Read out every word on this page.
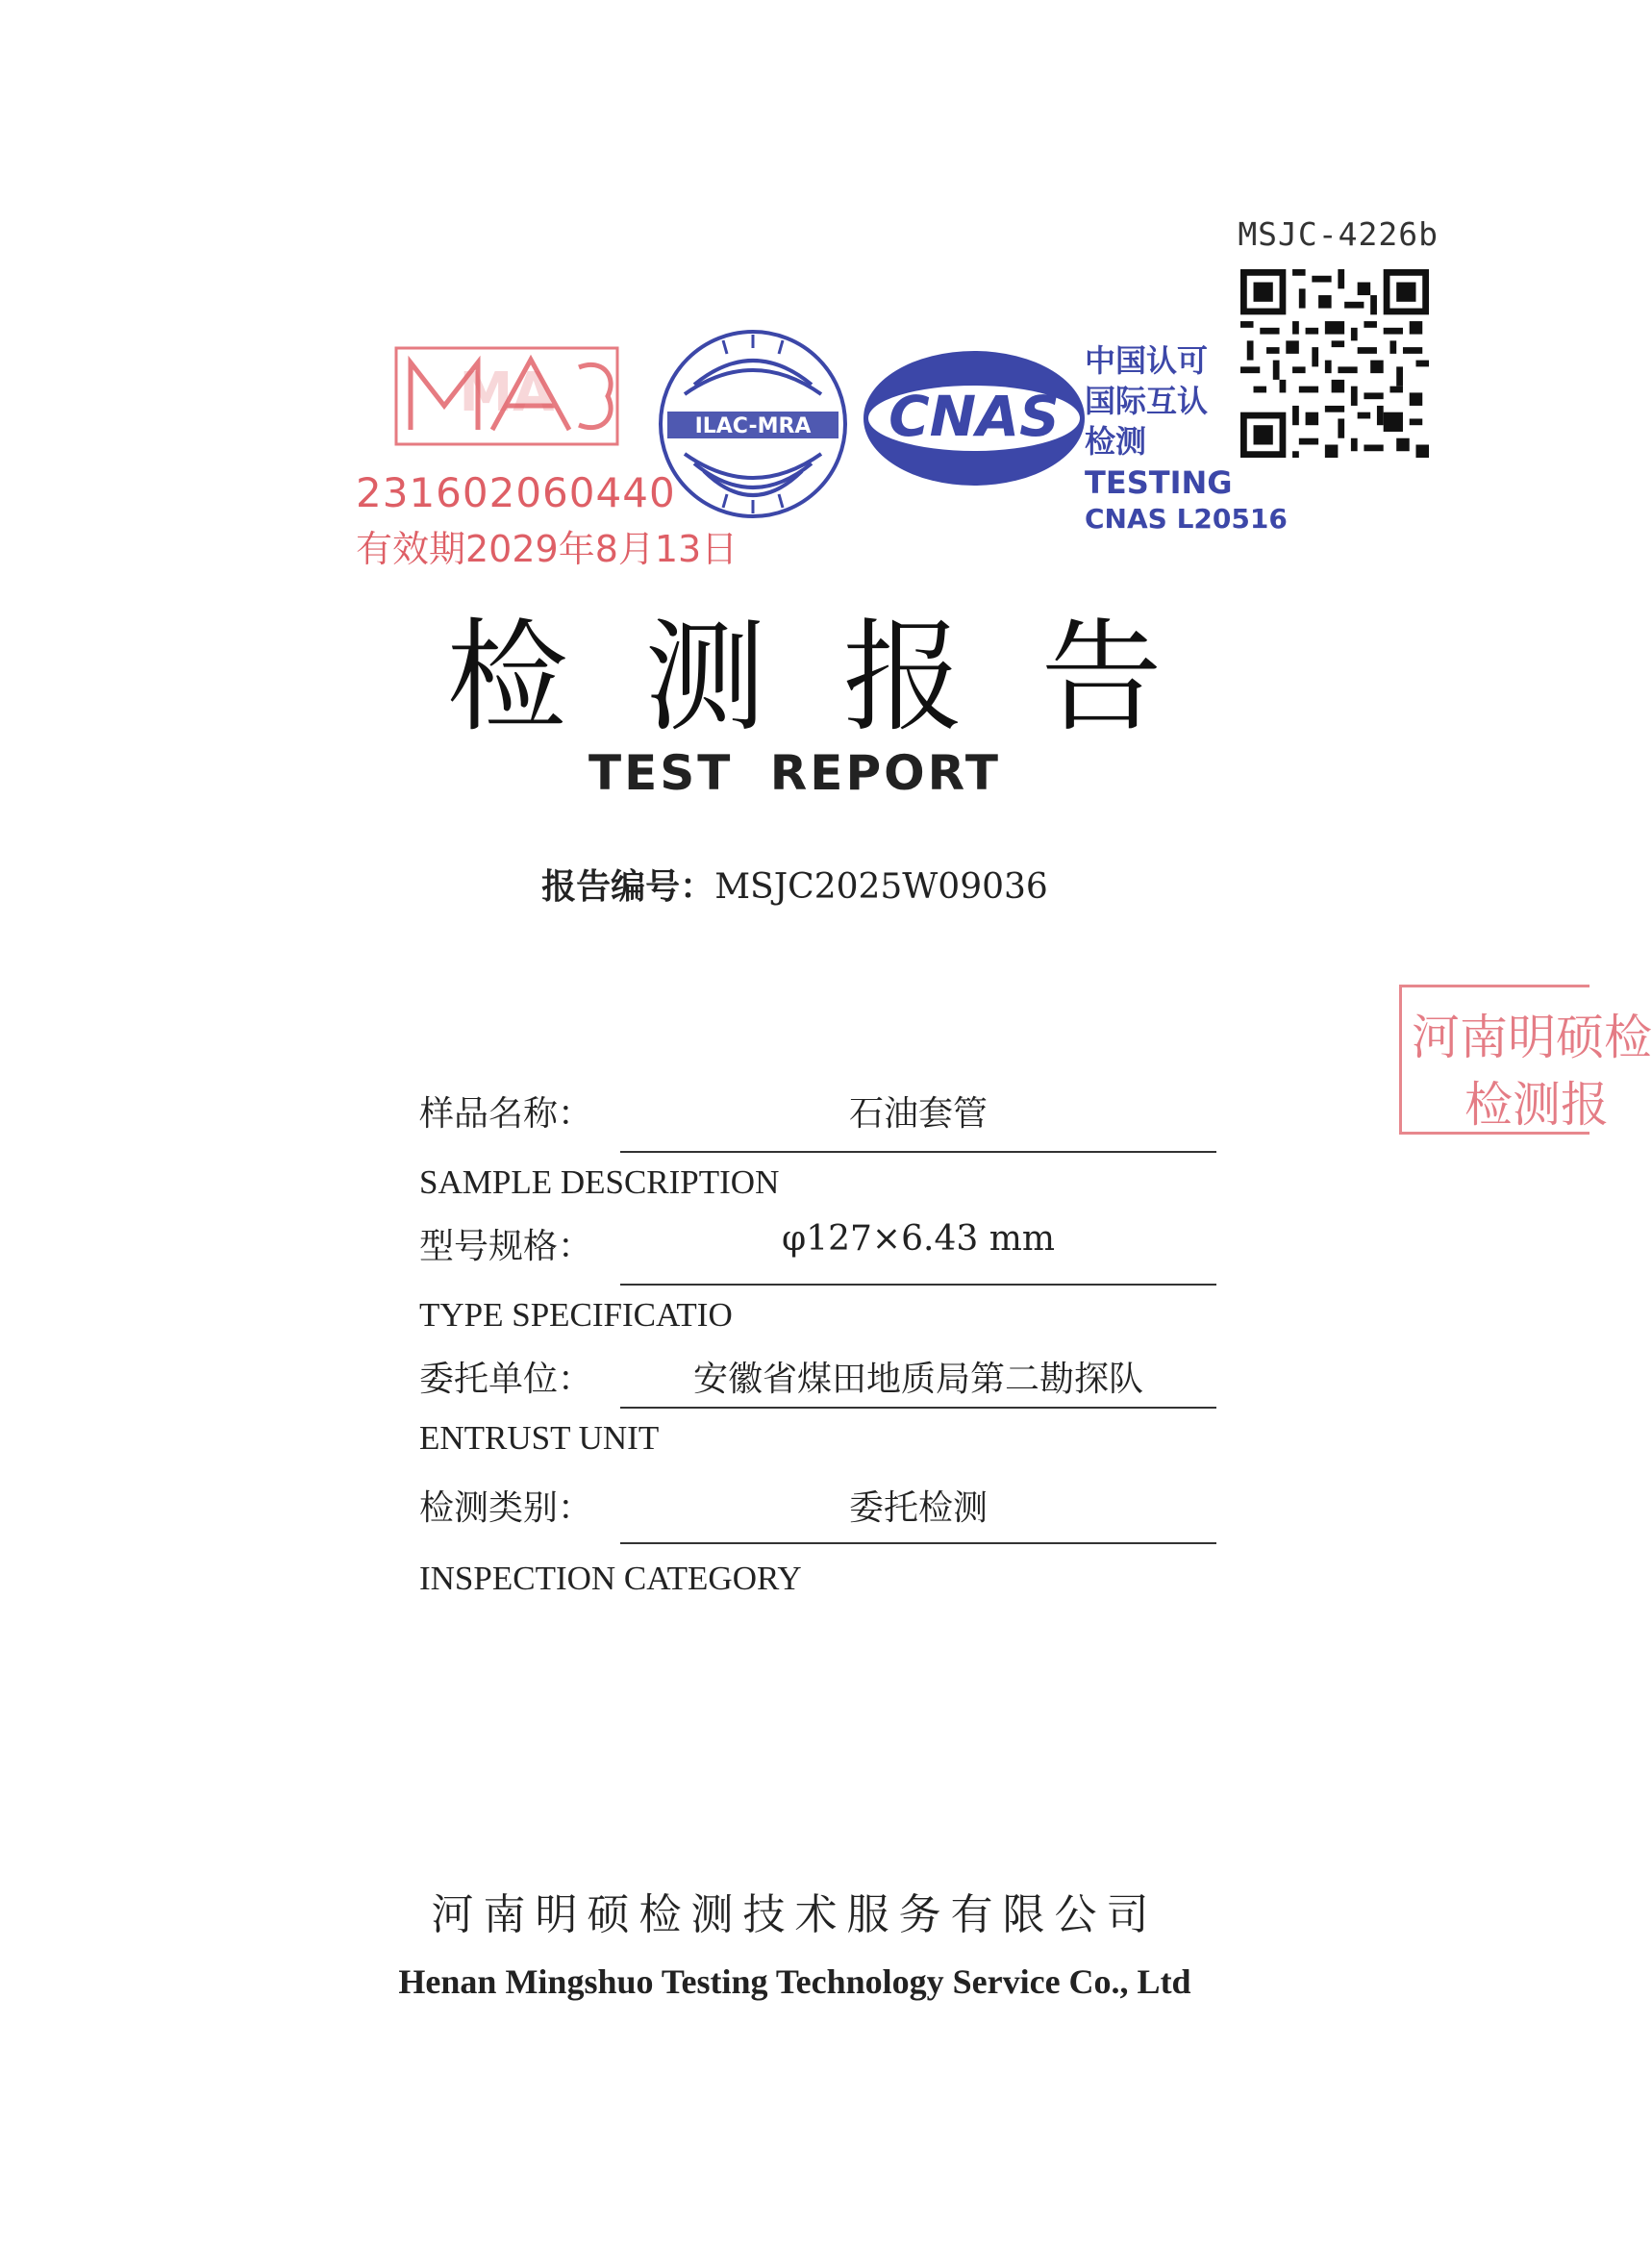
MSJC-4226b
MA
231602060440
有效期2029年8月13日
ILAC-MRA CNAS
中国认可
国际互认
检测
TESTING
CNAS L20516
检测报告
TEST REPORT
报告编号：MSJC2025W09036
河南明硕检
检测报
样品名称：	石油套管
SAMPLE DESCRIPTION
型号规格：	φ127×6.43 mm
TYPE SPECIFICATIO
委托单位：	安徽省煤田地质局第二勘探队
ENTRUST UNIT
检测类别：	委托检测
INSPECTION CATEGORY
河南明硕检测技术服务有限公司
Henan Mingshuo Testing Technology Service Co., Ltd
